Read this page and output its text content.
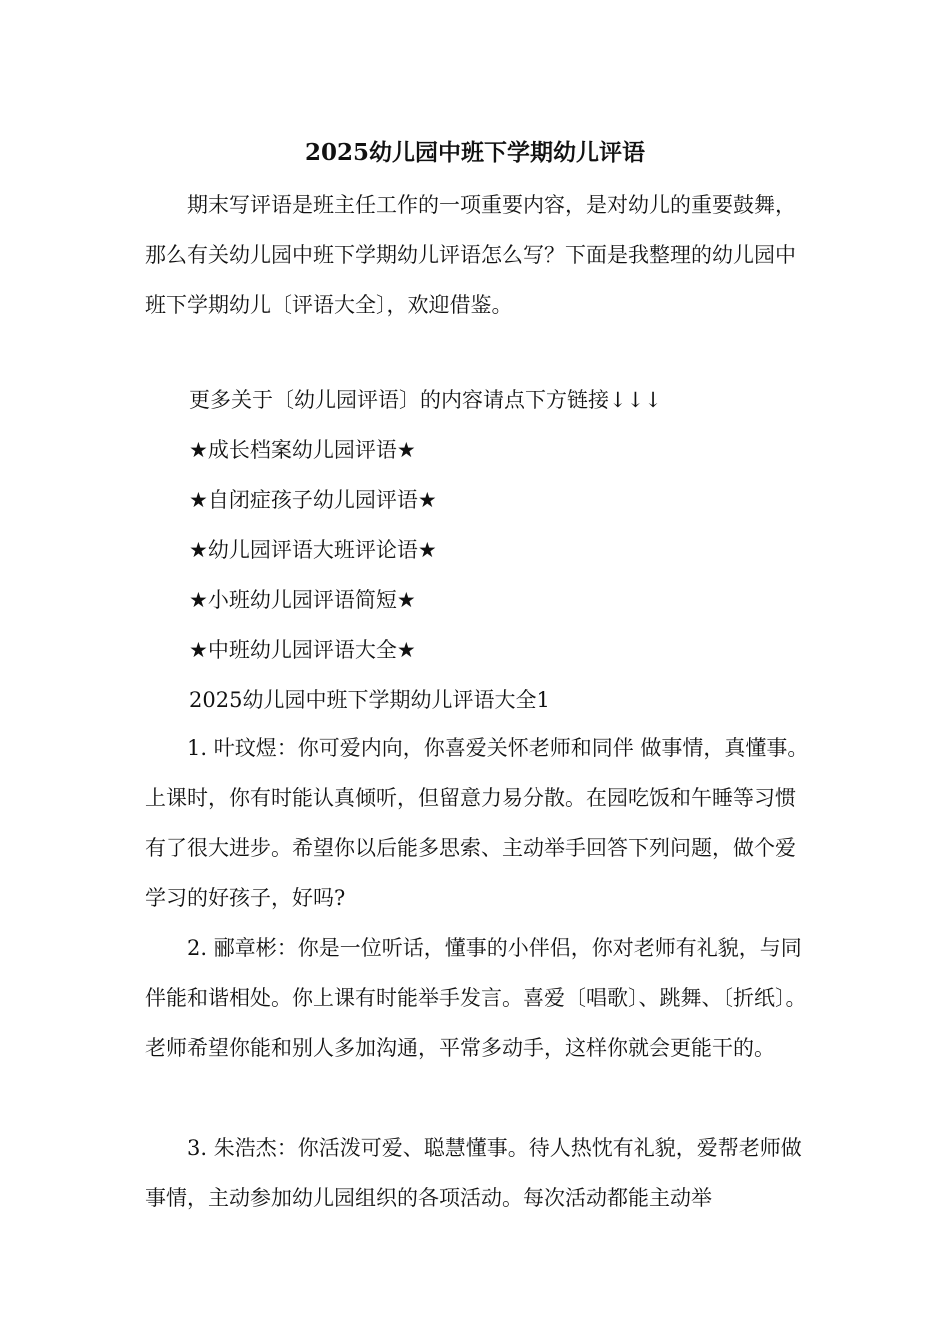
2025幼儿园中班下学期幼儿评语

期末写评语是班主任工作的一项重要内容，是对幼儿的重要鼓舞，那么有关幼儿园中班下学期幼儿评语怎么写？下面是我整理的幼儿园中班下学期幼儿〔评语大全〕，欢迎借鉴。

更多关于〔幼儿园评语〕的内容请点下方链接↓↓↓
★成长档案幼儿园评语★
★自闭症孩子幼儿园评语★
★幼儿园评语大班评论语★
★小班幼儿园评语简短★
★中班幼儿园评语大全★
2025幼儿园中班下学期幼儿评语大全1

1. 叶玟煜：你可爱内向，你喜爱关怀老师和同伴 做事情，真懂事。上课时，你有时能认真倾听，但留意力易分散。在园吃饭和午睡等习惯有了很大进步。希望你以后能多思索、主动举手回答下列问题，做个爱学习的好孩子，好吗?

2. 郦章彬：你是一位听话，懂事的小伴侣，你对老师有礼貌，与同伴能和谐相处。你上课有时能举手发言。喜爱〔唱歌〕、跳舞、〔折纸〕。老师希望你能和别人多加沟通，平常多动手，这样你就会更能干的。

3. 朱浩杰：你活泼可爱、聪慧懂事。待人热忱有礼貌，爱帮老师做事情，主动参加幼儿园组织的各项活动。每次活动都能主动举
